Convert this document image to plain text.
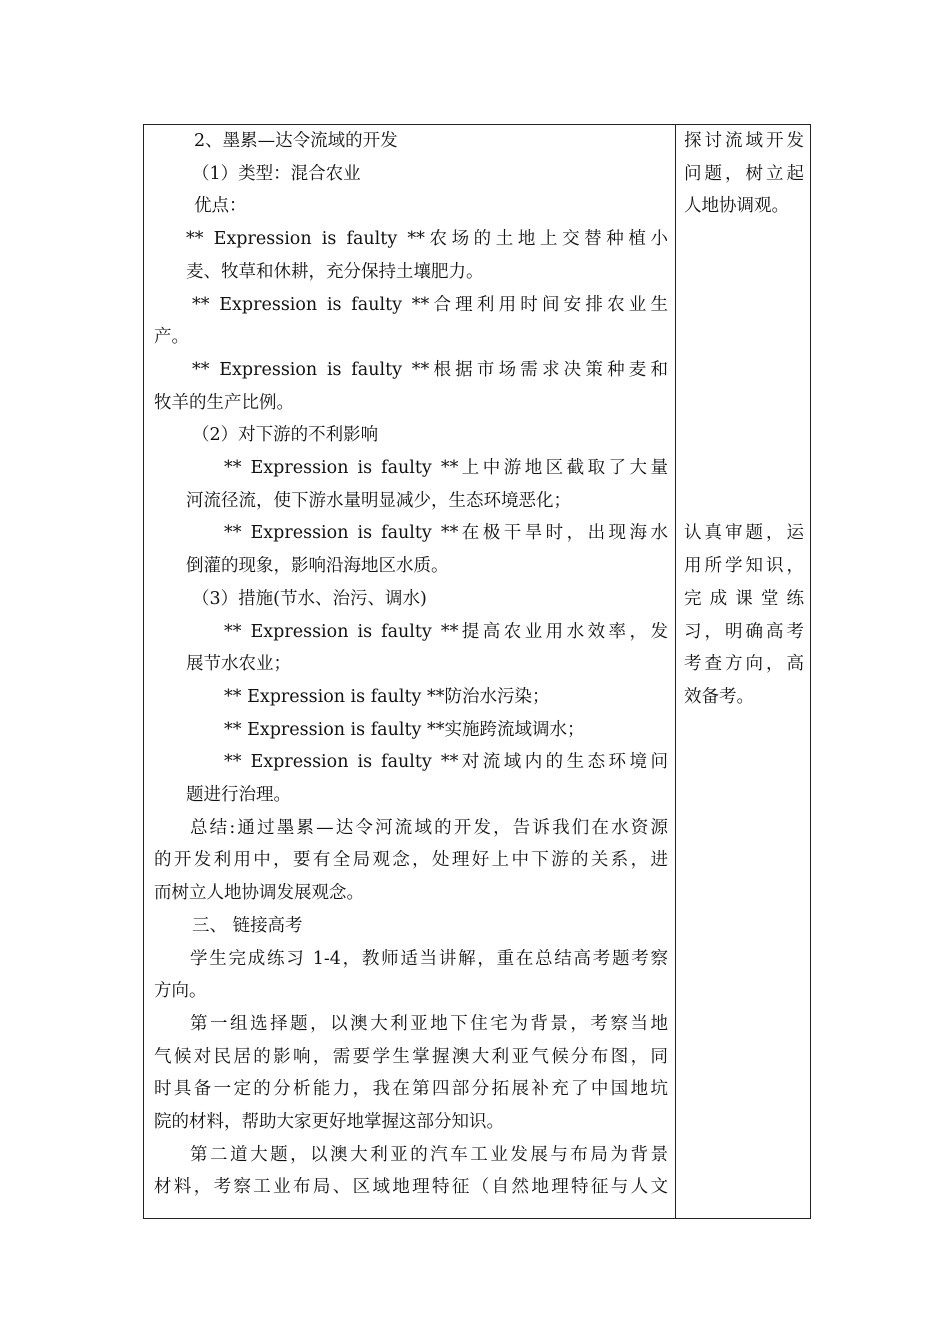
2、墨累—达令流域的开发
（1）类型：混合农业
优点：
** Expression is faulty **农场的土地上交替种植小
麦、牧草和休耕，充分保持土壤肥力。
** Expression is faulty **合理利用时间安排农业生
产。
** Expression is faulty **根据市场需求决策种麦和
牧羊的生产比例。
（2）对下游的不利影响
** Expression is faulty **上中游地区截取了大量
河流径流，使下游水量明显减少，生态环境恶化；
** Expression is faulty **在极干旱时，出现海水
倒灌的现象，影响沿海地区水质。
（3）措施(节水、治污、调水)
** Expression is faulty **提高农业用水效率，发
展节水农业；
** Expression is faulty **防治水污染；
** Expression is faulty **实施跨流域调水；
** Expression is faulty **对流域内的生态环境问
题进行治理。
总结:通过墨累—达令河流域的开发，告诉我们在水资源
的开发利用中，要有全局观念，处理好上中下游的关系，进
而树立人地协调发展观念。
三、 链接高考
学生完成练习 1-4，教师适当讲解，重在总结高考题考察
方向。
第一组选择题，以澳大利亚地下住宅为背景，考察当地
气候对民居的影响，需要学生掌握澳大利亚气候分布图，同
时具备一定的分析能力，我在第四部分拓展补充了中国地坑
院的材料，帮助大家更好地掌握这部分知识。
第二道大题，以澳大利亚的汽车工业发展与布局为背景
材料，考察工业布局、区域地理特征（自然地理特征与人文
探讨流域开发
问题，树立起
人地协调观。
认真审题，运
用所学知识，
完成课堂练
习，明确高考
考查方向，高
效备考。
